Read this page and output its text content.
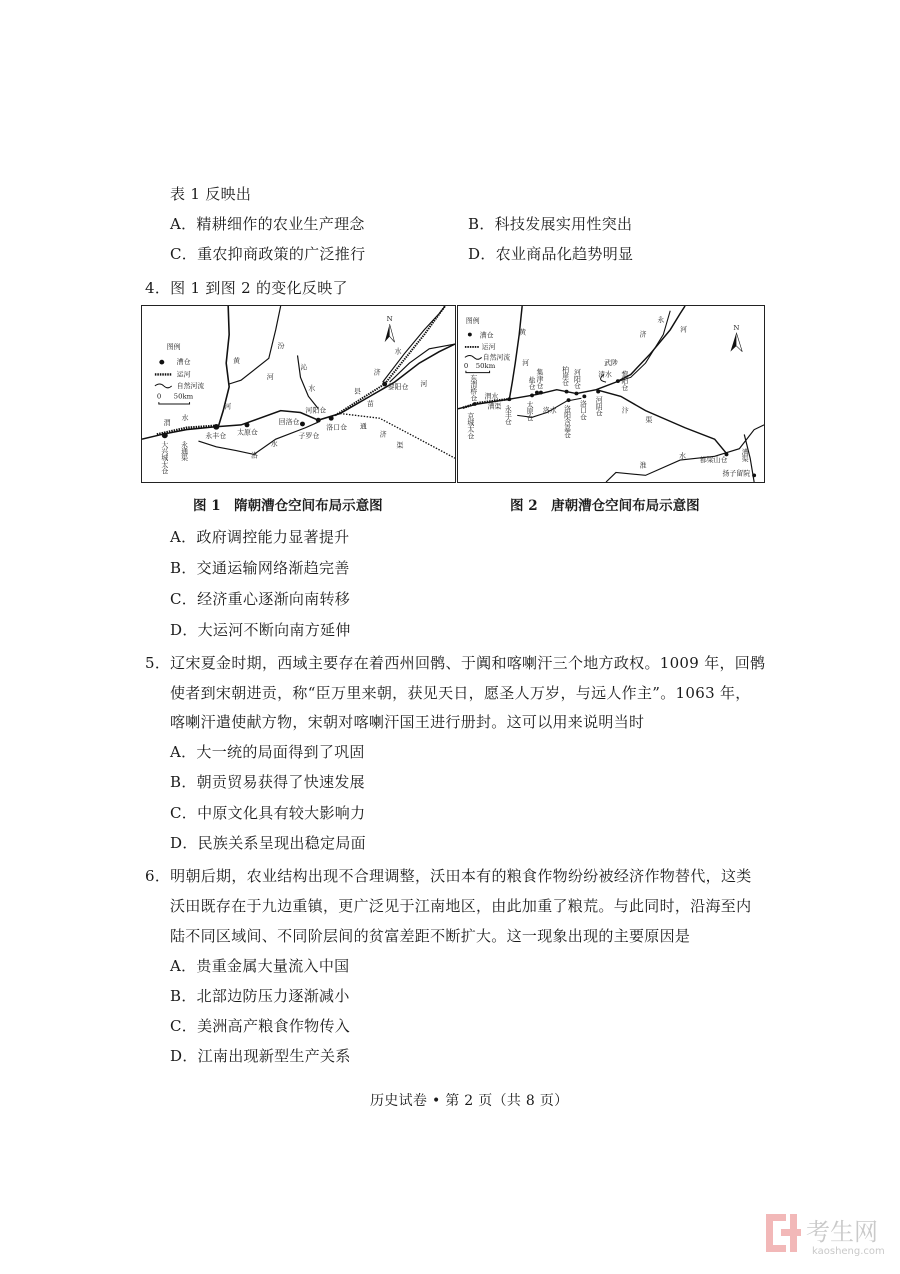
表 1 反映出
A．精耕细作的农业生产理念	B．科技发展实用性突出
C．重农抑商政策的广泛推行	D．农业商品化趋势明显
4．图 1 到图 2 的变化反映了
图例
漕仓
运河
自然河流
0 50km
N
黄
汾
河
河
沁
水
济
水
黎阳仓 河
县
苗
河阳仓
回洛仓
洛口仓 通
济
渠
子罗仓
水
洛
永丰仓 太原仓
渭
水
永通渠
大兴城太仓
图例
漕仓
运河
自然河流
0 50km
N
黄
河
东渭桥仓 渭水
漕渠
京城太仓	永丰仓
集津仓
盐仓
太原仓 洛水
柏崖仓 河阳仓
洛口仓
洛阳含嘉仓	河阴仓
武陟
清水 黎阳仓
永
济
河
汴
渠
淮
水 都梁山仓 漕渠
扬子留院
图 1　隋朝漕仓空间布局示意图	图 2　唐朝漕仓空间布局示意图
A．政府调控能力显著提升
B．交通运输网络渐趋完善
C．经济重心逐渐向南转移
D．大运河不断向南方延伸
5．辽宋夏金时期，西域主要存在着西州回鹘、于阗和喀喇汗三个地方政权。1009 年，回鹘
使者到宋朝进贡，称“臣万里来朝，获见天日，愿圣人万岁，与远人作主”。1063 年，
喀喇汗遣使献方物，宋朝对喀喇汗国王进行册封。这可以用来说明当时
A．大一统的局面得到了巩固
B．朝贡贸易获得了快速发展
C．中原文化具有较大影响力
D．民族关系呈现出稳定局面
6．明朝后期，农业结构出现不合理调整，沃田本有的粮食作物纷纷被经济作物替代，这类
沃田既存在于九边重镇，更广泛见于江南地区，由此加重了粮荒。与此同时，沿海至内
陆不同区域间、不同阶层间的贫富差距不断扩大。这一现象出现的主要原因是
A．贵重金属大量流入中国
B．北部边防压力逐渐减小
C．美洲高产粮食作物传入
D．江南出现新型生产关系
历史试卷 • 第 2 页（共 8 页）
考生网
kaosheng.com
